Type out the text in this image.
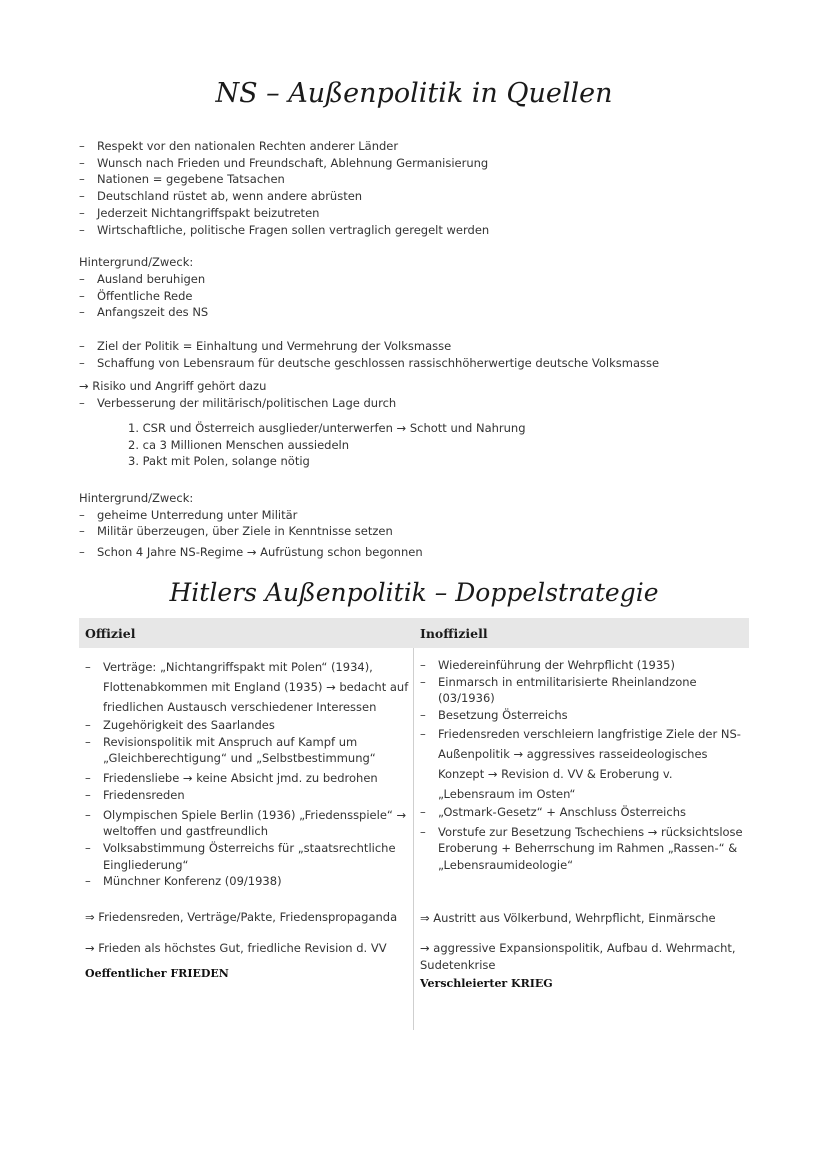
NS – Außenpolitik in Quellen
– Respekt vor den nationalen Rechten anderer Länder
– Wunsch nach Frieden und Freundschaft, Ablehnung Germanisierung
– Nationen = gegebene Tatsachen
– Deutschland rüstet ab, wenn andere abrüsten
– Jederzeit Nichtangriffspakt beizutreten
– Wirtschaftliche, politische Fragen sollen vertraglich geregelt werden
Hintergrund/Zweck:
– Ausland beruhigen
– Öffentliche Rede
– Anfangszeit des NS
– Ziel der Politik = Einhaltung und Vermehrung der Volksmasse
– Schaffung von Lebensraum für deutsche geschlossen rassischhöherwertige deutsche Volksmasse
→ Risiko und Angriff gehört dazu
– Verbesserung der militärisch/politischen Lage durch
1. CSR und Österreich ausglieder/unterwerfen → Schott und Nahrung
2. ca 3 Millionen Menschen aussiedeln
3. Pakt mit Polen, solange nötig
Hintergrund/Zweck:
– geheime Unterredung unter Militär
– Militär überzeugen, über Ziele in Kenntnisse setzen
– Schon 4 Jahre NS-Regime → Aufrüstung schon begonnen
Hitlers Außenpolitik – Doppelstrategie
Offiziel	Inoffiziell
– Verträge: „Nichtangriffspakt mit Polen“ (1934), Flottenabkommen mit England (1935) → bedacht auf friedlichen Austausch verschiedener Interessen
– Zugehörigkeit des Saarlandes
– Revisionspolitik mit Anspruch auf Kampf um „Gleichberechtigung“ und „Selbstbestimmung“
– Friedensliebe → keine Absicht jmd. zu bedrohen
– Friedensreden
– Olympischen Spiele Berlin (1936) „Friedensspiele“ → weltoffen und gastfreundlich
– Volksabstimmung Österreichs für „staatsrechtliche Eingliederung“
– Münchner Konferenz (09/1938)
⇒ Friedensreden, Verträge/Pakte, Friedenspropaganda
→ Frieden als höchstes Gut, friedliche Revision d. VV
Oeffentlicher FRIEDEN
– Wiedereinführung der Wehrpflicht (1935)
– Einmarsch in entmilitarisierte Rheinlandzone (03/1936)
– Besetzung Österreichs
– Friedensreden verschleiern langfristige Ziele der NS-Außenpolitik → aggressives rasseideologisches Konzept → Revision d. VV & Eroberung v. „Lebensraum im Osten“
– „Ostmark-Gesetz“ + Anschluss Österreichs
– Vorstufe zur Besetzung Tschechiens → rücksichtslose Eroberung + Beherrschung im Rahmen „Rassen-“ & „Lebensraumideologie“
⇒ Austritt aus Völkerbund, Wehrpflicht, Einmärsche
→ aggressive Expansionspolitik, Aufbau d. Wehrmacht, Sudetenkrise
Verschleierter KRIEG
